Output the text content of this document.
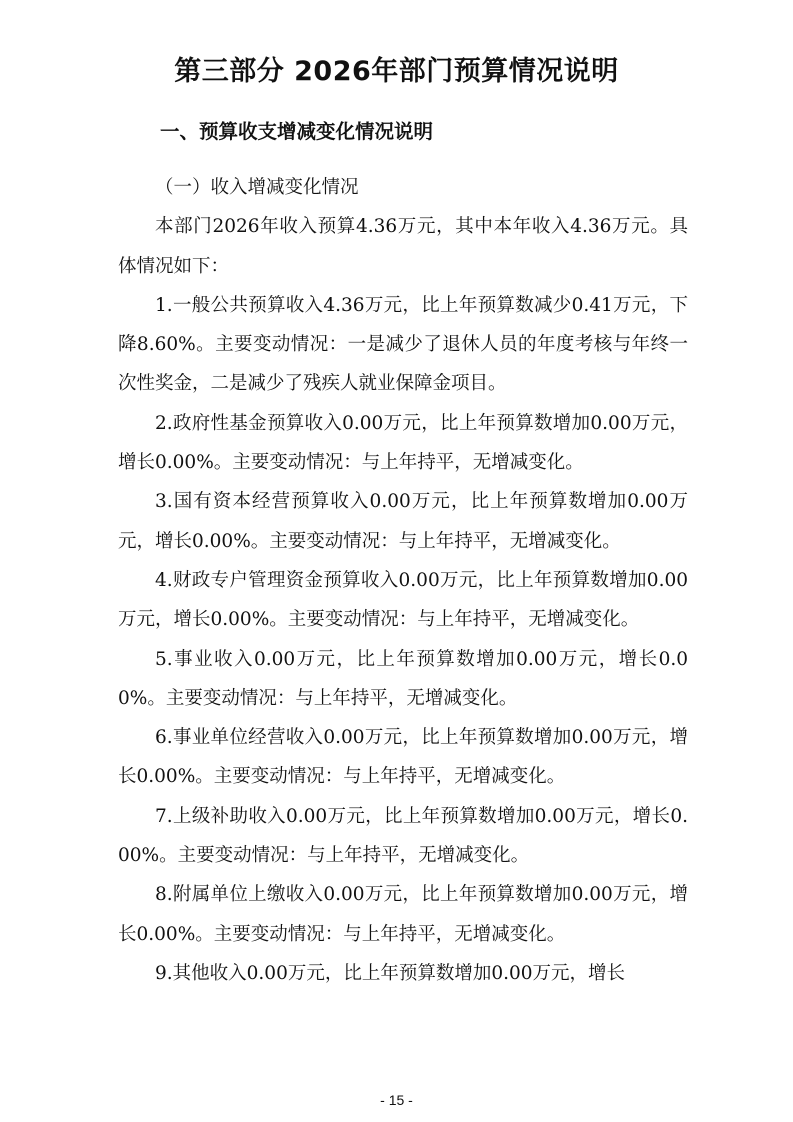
第三部分 2026年部门预算情况说明
一、预算收支增减变化情况说明

（一）收入增减变化情况

本部门2026年收入预算4.36万元，其中本年收入4.36万元。具体情况如下：

1.一般公共预算收入4.36万元，比上年预算数减少0.41万元，下降8.60%。主要变动情况：一是减少了退休人员的年度考核与年终一次性奖金，二是减少了残疾人就业保障金项目。

2.政府性基金预算收入0.00万元，比上年预算数增加0.00万元，增长0.00%。主要变动情况：与上年持平，无增减变化。

3.国有资本经营预算收入0.00万元，比上年预算数增加0.00万元，增长0.00%。主要变动情况：与上年持平，无增减变化。

4.财政专户管理资金预算收入0.00万元，比上年预算数增加0.00万元，增长0.00%。主要变动情况：与上年持平，无增减变化。

5.事业收入0.00万元，比上年预算数增加0.00万元，增长0.00%。主要变动情况：与上年持平，无增减变化。

6.事业单位经营收入0.00万元，比上年预算数增加0.00万元，增长0.00%。主要变动情况：与上年持平，无增减变化。

7.上级补助收入0.00万元，比上年预算数增加0.00万元，增长0.00%。主要变动情况：与上年持平，无增减变化。

8.附属单位上缴收入0.00万元，比上年预算数增加0.00万元，增长0.00%。主要变动情况：与上年持平，无增减变化。

9.其他收入0.00万元，比上年预算数增加0.00万元，增长

- 15 -
